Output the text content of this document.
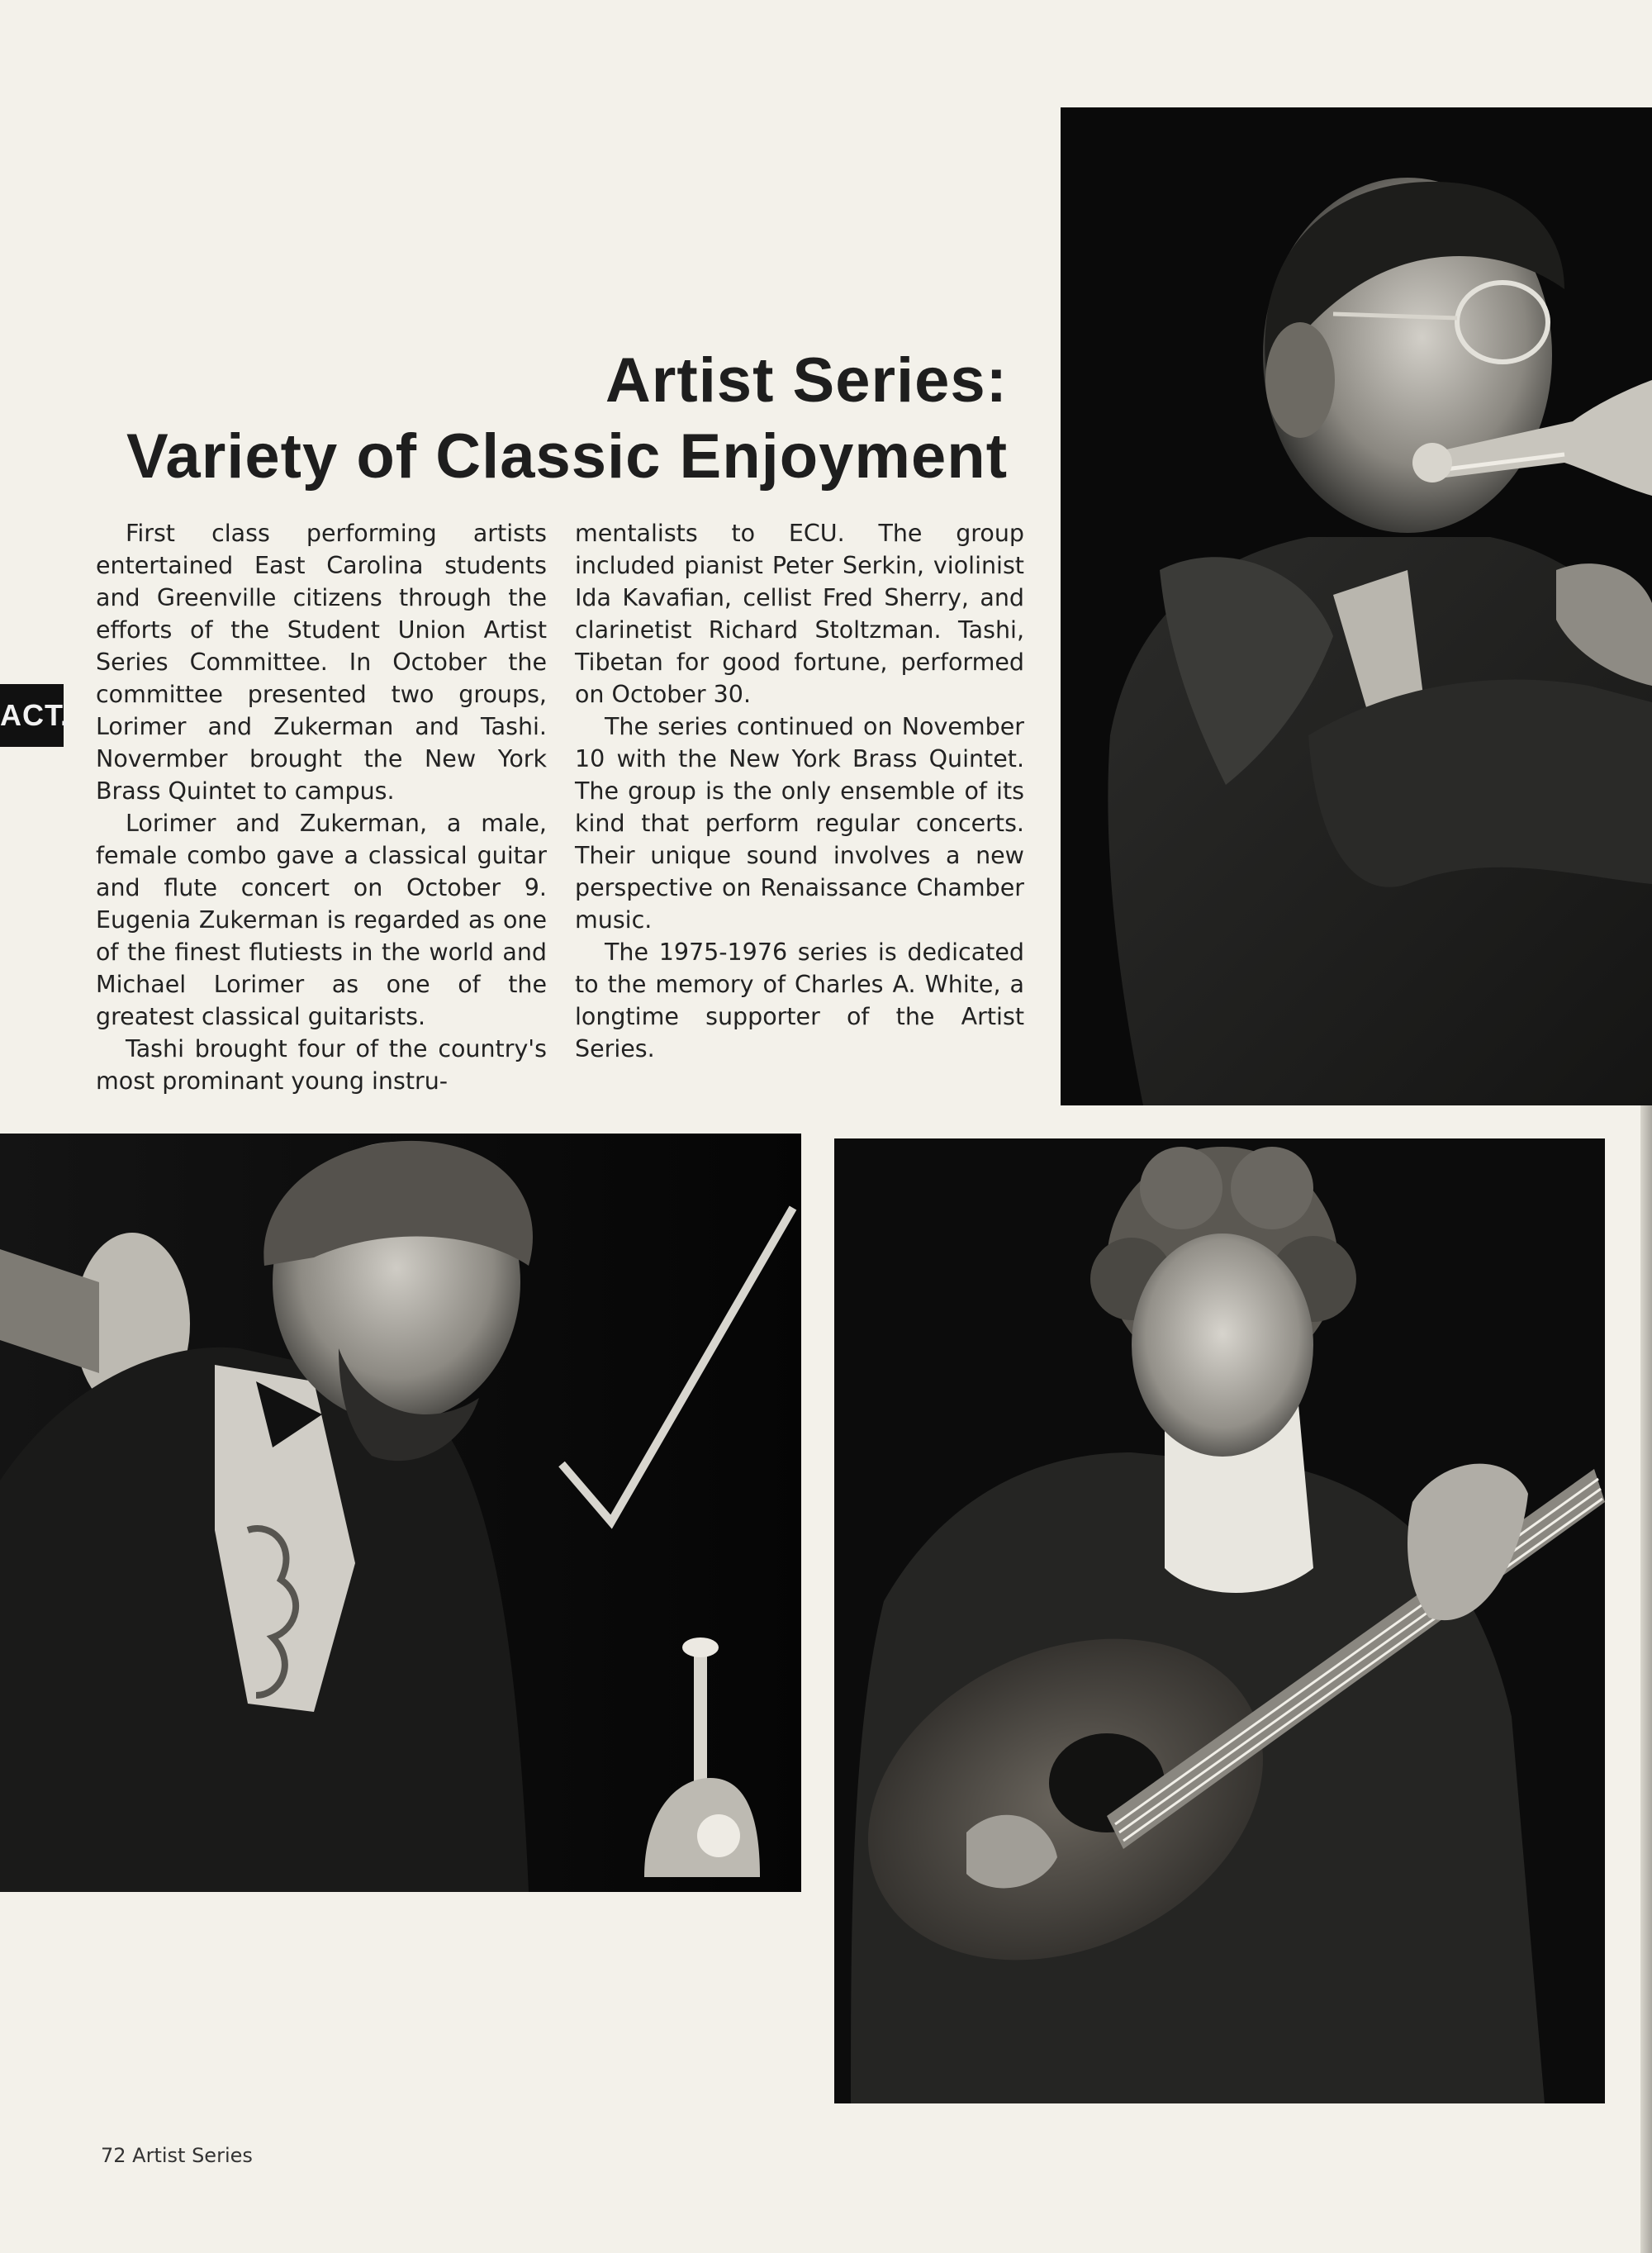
ACT.
Artist Series:
Variety of Classic Enjoyment

First class performing artists entertained East Carolina students and Greenville citizens through the efforts of the Student Union Artist Series Committee. In October the committee presented two groups, Lorimer and Zukerman and Tashi. Novermber brought the New York Brass Quintet to campus.

Lorimer and Zukerman, a male, female combo gave a classical guitar and flute concert on October 9. Eugenia Zukerman is regarded as one of the finest flutiests in the world and Michael Lorimer as one of the greatest classical guitarists.

Tashi brought four of the country's most prominant young instru-

mentalists to ECU. The group included pianist Peter Serkin, violinist Ida Kavafian, cellist Fred Sherry, and clarinetist Richard Stoltzman. Tashi, Tibetan for good fortune, performed on October 30.

The series continued on November 10 with the New York Brass Quintet. The group is the only ensemble of its kind that perform regular concerts. Their unique sound involves a new perspective on Renaissance Chamber music.

The 1975-1976 series is dedicated to the memory of Charles A. White, a longtime supporter of the Artist Series.

72 Artist Series
